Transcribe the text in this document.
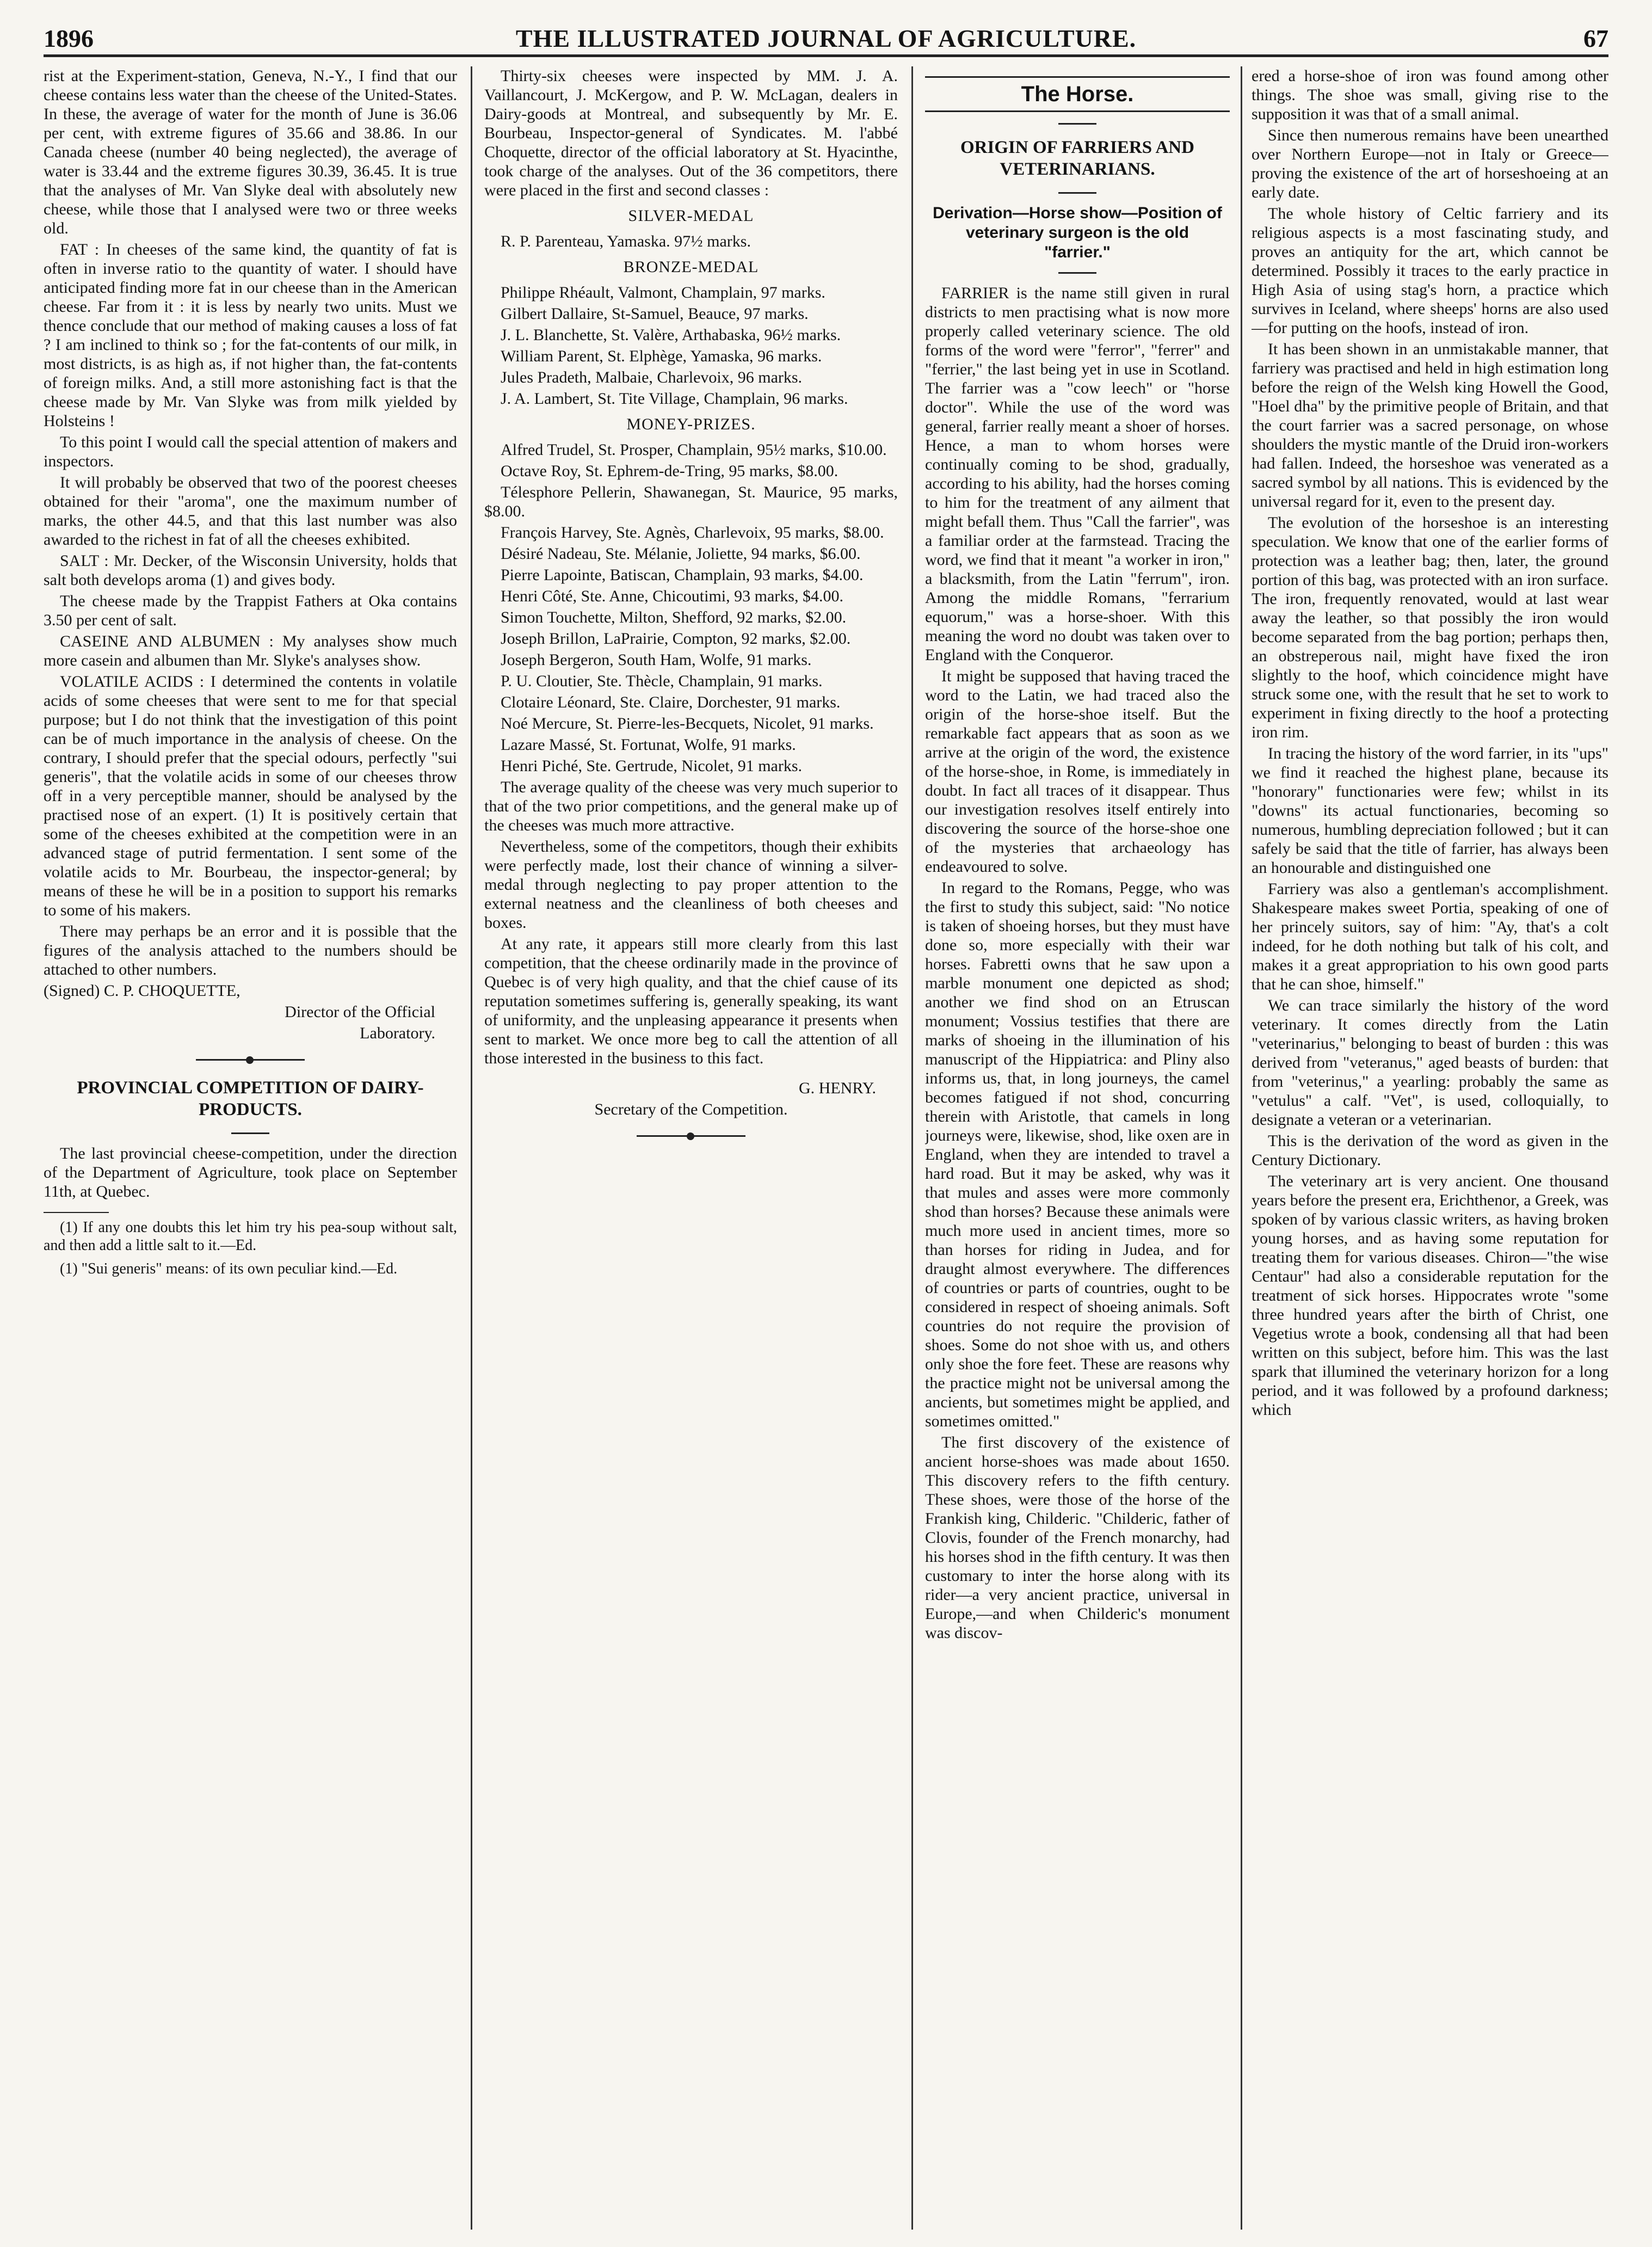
1896	THE ILLUSTRATED JOURNAL OF AGRICULTURE.	67

rist at the Experiment-station, Geneva, N.-Y., I find that our cheese contains less water than the cheese of the United-States. In these, the average of water for the month of June is 36.06 per cent, with extreme figures of 35.66 and 38.86. In our Canada cheese (number 40 being neglected), the average of water is 33.44 and the extreme figures 30.39, 36.45. It is true that the analyses of Mr. Van Slyke deal with absolutely new cheese, while those that I analysed were two or three weeks old.

FAT : In cheeses of the same kind, the quantity of fat is often in inverse ratio to the quantity of water. I should have anticipated finding more fat in our cheese than in the American cheese. Far from it : it is less by nearly two units. Must we thence conclude that our method of making causes a loss of fat ? I am inclined to think so ; for the fat-contents of our milk, in most districts, is as high as, if not higher than, the fat-contents of foreign milks. And, a still more astonishing fact is that the cheese made by Mr. Van Slyke was from milk yielded by Holsteins !

To this point I would call the special attention of makers and inspectors.

It will probably be observed that two of the poorest cheeses obtained for their "aroma", one the maximum number of marks, the other 44.5, and that this last number was also awarded to the richest in fat of all the cheeses exhibited.

SALT : Mr. Decker, of the Wisconsin University, holds that salt both develops aroma (1) and gives body.

The cheese made by the Trappist Fathers at Oka contains 3.50 per cent of salt.

CASEINE AND ALBUMEN : My analyses show much more casein and albumen than Mr. Slyke's analyses show.

VOLATILE ACIDS : I determined the contents in volatile acids of some cheeses that were sent to me for that special purpose; but I do not think that the investigation of this point can be of much importance in the analysis of cheese. On the contrary, I should prefer that the special odours, perfectly "sui generis", that the volatile acids in some of our cheeses throw off in a very perceptible manner, should be analysed by the practised nose of an expert. (1) It is positively certain that some of the cheeses exhibited at the competition were in an advanced stage of putrid fermentation. I sent some of the volatile acids to Mr. Bourbeau, the inspector-general; by means of these he will be in a position to support his remarks to some of his makers.

There may perhaps be an error and it is possible that the figures of the analysis attached to the numbers should be attached to other numbers.

(Signed) C. P. CHOQUETTE,

Director of the Official

Laboratory.

PROVINCIAL COMPETITION OF DAIRY-PRODUCTS.

The last provincial cheese-competition, under the direction of the Department of Agriculture, took place on September 11th, at Quebec.

(1) If any one doubts this let him try his pea-soup without salt, and then add a little salt to it.—Ed.

(1) "Sui generis" means: of its own peculiar kind.—Ed.

Thirty-six cheeses were inspected by MM. J. A. Vaillancourt, J. McKergow, and P. W. McLagan, dealers in Dairy-goods at Montreal, and subsequently by Mr. E. Bourbeau, Inspector-general of Syndicates. M. l'abbé Choquette, director of the official laboratory at St. Hyacinthe, took charge of the analyses. Out of the 36 competitors, there were placed in the first and second classes :

SILVER-MEDAL

R. P. Parenteau, Yamaska. 97½ marks.

BRONZE-MEDAL

Philippe Rhéault, Valmont, Champlain, 97 marks.

Gilbert Dallaire, St-Samuel, Beauce, 97 marks.

J. L. Blanchette, St. Valère, Arthabaska, 96½ marks.

William Parent, St. Elphège, Yamaska, 96 marks.

Jules Pradeth, Malbaie, Charlevoix, 96 marks.

J. A. Lambert, St. Tite Village, Champlain, 96 marks.

MONEY-PRIZES.

Alfred Trudel, St. Prosper, Champlain, 95½ marks, $10.00.

Octave Roy, St. Ephrem-de-Tring, 95 marks, $8.00.

Télesphore Pellerin, Shawanegan, St. Maurice, 95 marks, $8.00.

François Harvey, Ste. Agnès, Charlevoix, 95 marks, $8.00.

Désiré Nadeau, Ste. Mélanie, Joliette, 94 marks, $6.00.

Pierre Lapointe, Batiscan, Champlain, 93 marks, $4.00.

Henri Côté, Ste. Anne, Chicoutimi, 93 marks, $4.00.

Simon Touchette, Milton, Shefford, 92 marks, $2.00.

Joseph Brillon, LaPrairie, Compton, 92 marks, $2.00.

Joseph Bergeron, South Ham, Wolfe, 91 marks.

P. U. Cloutier, Ste. Thècle, Champlain, 91 marks.

Clotaire Léonard, Ste. Claire, Dorchester, 91 marks.

Noé Mercure, St. Pierre-les-Becquets, Nicolet, 91 marks.

Lazare Massé, St. Fortunat, Wolfe, 91 marks.

Henri Piché, Ste. Gertrude, Nicolet, 91 marks.

The average quality of the cheese was very much superior to that of the two prior competitions, and the general make up of the cheeses was much more attractive.

Nevertheless, some of the competitors, though their exhibits were perfectly made, lost their chance of winning a silver-medal through neglecting to pay proper attention to the external neatness and the cleanliness of both cheeses and boxes.

At any rate, it appears still more clearly from this last competition, that the cheese ordinarily made in the province of Quebec is of very high quality, and that the chief cause of its reputation sometimes suffering is, generally speaking, its want of uniformity, and the unpleasing appearance it presents when sent to market. We once more beg to call the attention of all those interested in the business to this fact.

G. HENRY.

Secretary of the Competition.

The Horse.
ORIGIN OF FARRIERS AND VETERINARIANS.
Derivation—Horse show—Position of veterinary surgeon is the old "farrier."

FARRIER is the name still given in rural districts to men practising what is now more properly called veterinary science. The old forms of the word were "ferror", "ferrer" and "ferrier," the last being yet in use in Scotland. The farrier was a "cow leech" or "horse doctor". While the use of the word was general, farrier really meant a shoer of horses. Hence, a man to whom horses were continually coming to be shod, gradually, according to his ability, had the horses coming to him for the treatment of any ailment that might befall them. Thus "Call the farrier", was a familiar order at the farmstead. Tracing the word, we find that it meant "a worker in iron," a blacksmith, from the Latin "ferrum", iron. Among the middle Romans, "ferrarium equorum," was a horse-shoer. With this meaning the word no doubt was taken over to England with the Conqueror.

It might be supposed that having traced the word to the Latin, we had traced also the origin of the horse-shoe itself. But the remarkable fact appears that as soon as we arrive at the origin of the word, the existence of the horse-shoe, in Rome, is immediately in doubt. In fact all traces of it disappear. Thus our investigation resolves itself entirely into discovering the source of the horse-shoe one of the mysteries that archaeology has endeavoured to solve.

In regard to the Romans, Pegge, who was the first to study this subject, said: "No notice is taken of shoeing horses, but they must have done so, more especially with their war horses. Fabretti owns that he saw upon a marble monument one depicted as shod; another we find shod on an Etruscan monument; Vossius testifies that there are marks of shoeing in the illumination of his manuscript of the Hippiatrica: and Pliny also informs us, that, in long journeys, the camel becomes fatigued if not shod, concurring therein with Aristotle, that camels in long journeys were, likewise, shod, like oxen are in England, when they are intended to travel a hard road. But it may be asked, why was it that mules and asses were more commonly shod than horses? Because these animals were much more used in ancient times, more so than horses for riding in Judea, and for draught almost everywhere. The differences of countries or parts of countries, ought to be considered in respect of shoeing animals. Soft countries do not require the provision of shoes. Some do not shoe with us, and others only shoe the fore feet. These are reasons why the practice might not be universal among the ancients, but sometimes might be applied, and sometimes omitted."

The first discovery of the existence of ancient horse-shoes was made about 1650. This discovery refers to the fifth century. These shoes, were those of the horse of the Frankish king, Childeric. "Childeric, father of Clovis, founder of the French monarchy, had his horses shod in the fifth century. It was then customary to inter the horse along with its rider—a very ancient practice, universal in Europe,—and when Childeric's monument was discov-

ered a horse-shoe of iron was found among other things. The shoe was small, giving rise to the supposition it was that of a small animal.

Since then numerous remains have been unearthed over Northern Europe—not in Italy or Greece—proving the existence of the art of horseshoeing at an early date.

The whole history of Celtic farriery and its religious aspects is a most fascinating study, and proves an antiquity for the art, which cannot be determined. Possibly it traces to the early practice in High Asia of using stag's horn, a practice which survives in Iceland, where sheeps' horns are also used—for putting on the hoofs, instead of iron.

It has been shown in an unmistakable manner, that farriery was practised and held in high estimation long before the reign of the Welsh king Howell the Good, "Hoel dha" by the primitive people of Britain, and that the court farrier was a sacred personage, on whose shoulders the mystic mantle of the Druid iron-workers had fallen. Indeed, the horseshoe was venerated as a sacred symbol by all nations. This is evidenced by the universal regard for it, even to the present day.

The evolution of the horseshoe is an interesting speculation. We know that one of the earlier forms of protection was a leather bag; then, later, the ground portion of this bag, was protected with an iron surface. The iron, frequently renovated, would at last wear away the leather, so that possibly the iron would become separated from the bag portion; perhaps then, an obstreperous nail, might have fixed the iron slightly to the hoof, which coincidence might have struck some one, with the result that he set to work to experiment in fixing directly to the hoof a protecting iron rim.

In tracing the history of the word farrier, in its "ups" we find it reached the highest plane, because its "honorary" functionaries were few; whilst in its "downs" its actual functionaries, becoming so numerous, humbling depreciation followed ; but it can safely be said that the title of farrier, has always been an honourable and distinguished one

Farriery was also a gentleman's accomplishment. Shakespeare makes sweet Portia, speaking of one of her princely suitors, say of him: "Ay, that's a colt indeed, for he doth nothing but talk of his colt, and makes it a great appropriation to his own good parts that he can shoe, himself."

We can trace similarly the history of the word veterinary. It comes directly from the Latin "veterinarius," belonging to beast of burden : this was derived from "veteranus," aged beasts of burden: that from "veterinus," a yearling: probably the same as "vetulus" a calf. "Vet", is used, colloquially, to designate a veteran or a veterinarian.

This is the derivation of the word as given in the Century Dictionary.

The veterinary art is very ancient. One thousand years before the present era, Erichthenor, a Greek, was spoken of by various classic writers, as having broken young horses, and as having some reputation for treating them for various diseases. Chiron—"the wise Centaur" had also a considerable reputation for the treatment of sick horses. Hippocrates wrote "some three hundred years after the birth of Christ, one Vegetius wrote a book, condensing all that had been written on this subject, before him. This was the last spark that illumined the veterinary horizon for a long period, and it was followed by a profound darkness; which
